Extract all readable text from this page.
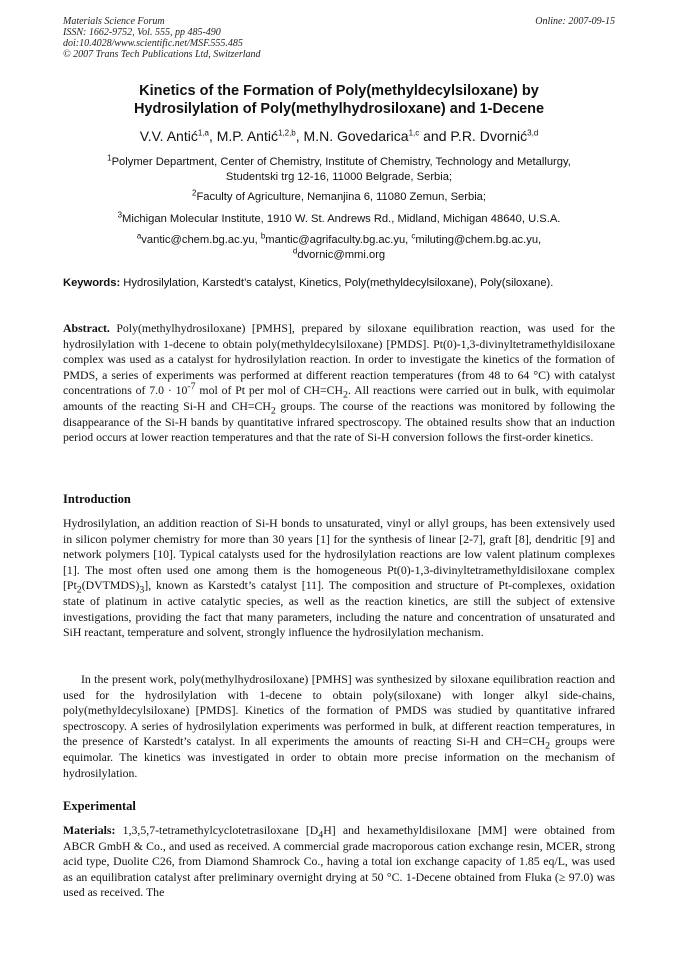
Materials Science Forum
ISSN: 1662-9752, Vol. 555, pp 485-490
doi:10.4028/www.scientific.net/MSF.555.485
© 2007 Trans Tech Publications Ltd, Switzerland
Online: 2007-09-15
Kinetics of the Formation of Poly(methyldecylsiloxane) by
Hydrosilylation of Poly(methylhydrosiloxane) and 1-Decene
V.V. Antić$^{1,a}$, M.P. Antić$^{1,2,b}$, M.N. Govedarica$^{1,c}$ and P.R. Dvornić$^{3,d}$
$^1$Polymer Department, Center of Chemistry, Institute of Chemistry, Technology and Metallurgy,
Studentski trg 12-16, 11000 Belgrade, Serbia;
$^2$Faculty of Agriculture, Nemanjina 6, 11080 Zemun, Serbia;
$^3$Michigan Molecular Institute, 1910 W. St. Andrews Rd., Midland, Michigan 48640, U.S.A.
$^a$vantic@chem.bg.ac.yu, $^b$mantic@agrifaculty.bg.ac.yu, $^c$miluting@chem.bg.ac.yu,
$^d$dvornic@mmi.org
Keywords: Hydrosilylation, Karstedt’s catalyst, Kinetics, Poly(methyldecylsiloxane), Poly(siloxane).
Abstract. Poly(methylhydrosiloxane) [PMHS], prepared by siloxane equilibration reaction, was used for the hydrosilylation with 1-decene to obtain poly(methyldecylsiloxane) [PMDS]. Pt(0)-1,3-divinyltetramethyldisiloxane complex was used as a catalyst for hydrosilylation reaction. In order to investigate the kinetics of the formation of PMDS, a series of experiments was performed at different reaction temperatures (from 48 to 64 °C) with catalyst concentrations of $7.0 \cdot 10^{-7}$ mol of Pt per mol of $CH=CH_2$. All reactions were carried out in bulk, with equimolar amounts of the reacting Si-H and $CH=CH_2$ groups. The course of the reactions was monitored by following the disappearance of the Si-H bands by quantitative infrared spectroscopy. The obtained results show that an induction period occurs at lower reaction temperatures and that the rate of Si-H conversion follows the first-order kinetics.
Introduction
Hydrosilylation, an addition reaction of Si-H bonds to unsaturated, vinyl or allyl groups, has been extensively used in silicon polymer chemistry for more than 30 years [1] for the synthesis of linear [2-7], graft [8], dendritic [9] and network polymers [10]. Typical catalysts used for the hydrosilylation reactions are low valent platinum complexes [1]. The most often used one among them is the homogeneous Pt(0)-1,3-divinyltetramethyldisiloxane complex $[Pt_2(DVTMDS)_3]$, known as Karstedt’s catalyst [11]. The composition and structure of Pt-complexes, oxidation state of platinum in active catalytic species, as well as the reaction kinetics, are still the subject of extensive investigations, providing the fact that many parameters, including the nature and concentration of unsaturated and SiH reactant, temperature and solvent, strongly influence the hydrosilylation mechanism.
In the present work, poly(methylhydrosiloxane) [PMHS] was synthesized by siloxane equilibration reaction and used for the hydrosilylation with 1-decene to obtain poly(siloxane) with longer alkyl side-chains, poly(methyldecylsiloxane) [PMDS]. Kinetics of the formation of PMDS was studied by quantitative infrared spectroscopy. A series of hydrosilylation experiments was performed in bulk, at different reaction temperatures, in the presence of Karstedt’s catalyst. In all experiments the amounts of reacting Si-H and $CH=CH_2$ groups were equimolar. The kinetics was investigated in order to obtain more precise information on the mechanism of hydrosilylation.
Experimental
Materials: 1,3,5,7-tetramethylcyclotetrasiloxane $[D_4H]$ and hexamethyldisiloxane [MM] were obtained from ABCR GmbH & Co., and used as received. A commercial grade macroporous cation exchange resin, MCER, strong acid type, Duolite C26, from Diamond Shamrock Co., having a total ion exchange capacity of 1.85 eq/L, was used as an equilibration catalyst after preliminary overnight drying at 50 °C. 1-Decene obtained from Fluka (≥ 97.0) was used as received. The
